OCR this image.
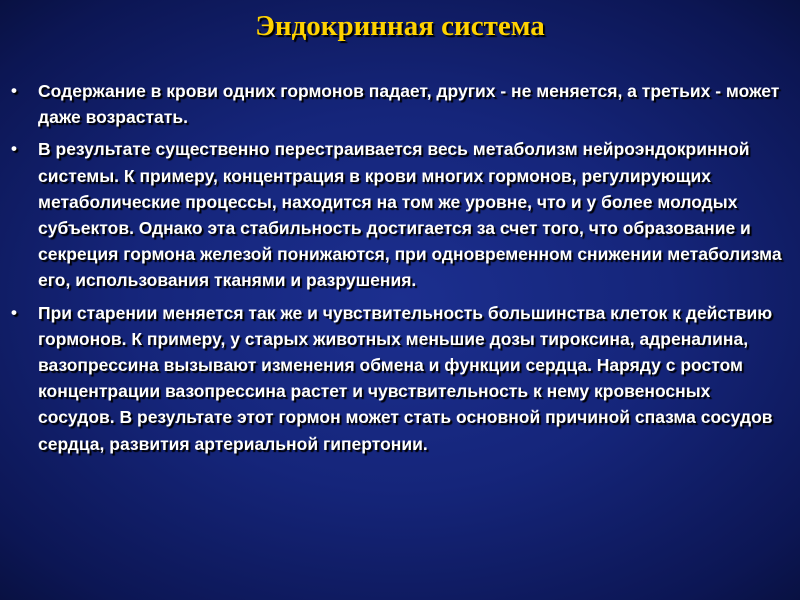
Эндокринная система
• Содержание в крови одних гормонов падает, других - не меняется, а третьих - может даже возрастать.
• В результате существенно перестраивается весь метаболизм нейроэндокринной системы. К примеру, концентрация в крови многих гормонов, регулирующих метаболические процессы, находится на том же уровне, что и у более молодых субъектов. Однако эта стабильность достигается за счет того, что образование и секреция гормона железой понижаются, при одновременном снижении метаболизма его, использования тканями и разрушения.
• При старении меняется так же и чувствительность большинства клеток к действию гормонов. К примеру, у старых животных меньшие дозы тироксина, адреналина, вазопрессина вызывают изменения обмена и функции сердца. Наряду с ростом концентрации вазопрессина растет и чувствительность к нему кровеносных сосудов. В результате этот гормон может стать основной причиной спазма сосудов сердца, развития артериальной гипертонии.
